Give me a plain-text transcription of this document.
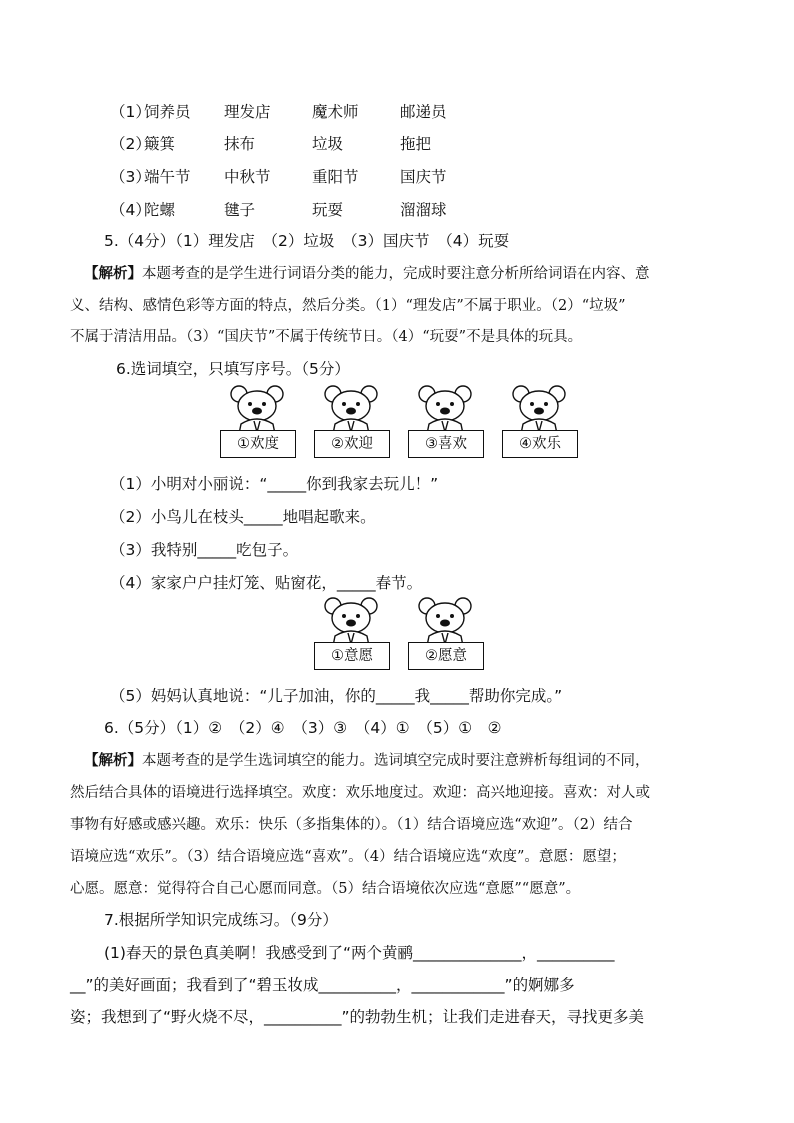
（1）
饲养员 理发店	魔术师	邮递员
（2）
簸箕	抹布	垃圾	拖把
（3）
端午节 中秋节	重阳节	国庆节
（4）
陀螺	毽子	玩耍	溜溜球
5.（4分）（1）理发店　（2）垃圾　（3）国庆节　（4）玩耍
【解析】本题考查的是学生进行词语分类的能力，完成时要注意分析所给词语在内容、意
义、结构、感情色彩等方面的特点，然后分类。（1）“理发店”不属于职业。（2）“垃圾”
不属于清洁用品。（3）“国庆节”不属于传统节日。（4）“玩耍”不是具体的玩具。
6.选词填空，只填写序号。（5分）
①欢度	②欢迎	③喜欢	④欢乐
（1）小明对小丽说：“_____你到我家去玩儿！”
（2）小鸟儿在枝头_____地唱起歌来。
（3）我特别_____吃包子。
（4）家家户户挂灯笼、贴窗花，_____春节。
①意愿	②愿意
（5）妈妈认真地说：“儿子加油，你的_____我_____帮助你完成。”
6.（5分）（1）②　（2）④　（3）③　（4）①　（5）①　②
【解析】本题考查的是学生选词填空的能力。选词填空完成时要注意辨析每组词的不同，
然后结合具体的语境进行选择填空。欢度：欢乐地度过。欢迎：高兴地迎接。喜欢：对人或
事物有好感或感兴趣。欢乐：快乐（多指集体的）。（1）结合语境应选“欢迎”。（2）结合
语境应选“欢乐”。（3）结合语境应选“喜欢”。（4）结合语境应选“欢度”。意愿：愿望；
心愿。愿意：觉得符合自己心愿而同意。（5）结合语境依次应选“意愿”“愿意”。
7.根据所学知识完成练习。（9分）
(1)春天的景色真美啊！我感受到了“两个黄鹂______________，__________
__”的美好画面；我看到了“碧玉妆成__________，____________”的婀娜多
姿；我想到了“野火烧不尽，__________”的勃勃生机；让我们走进春天，寻找更多美
